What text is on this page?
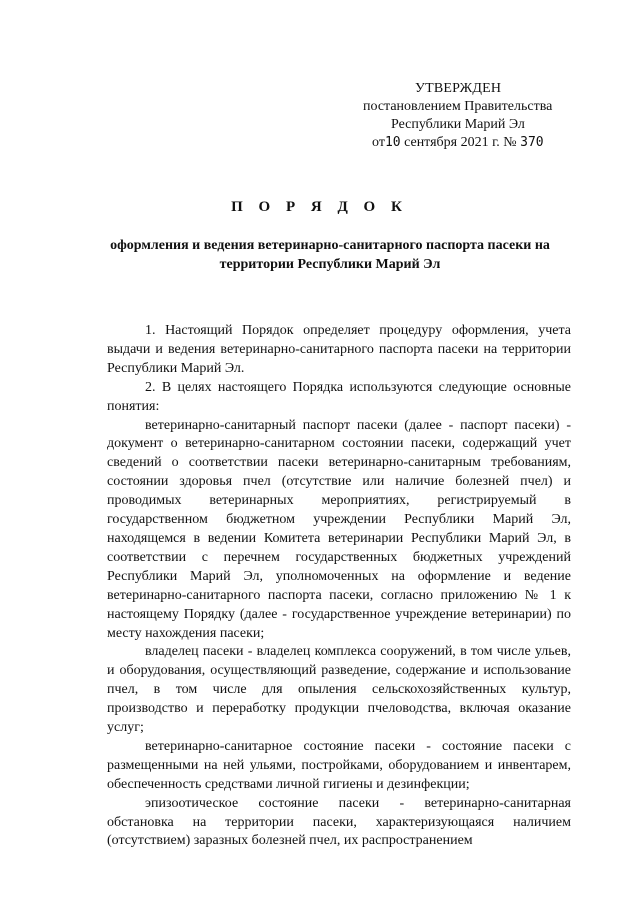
УТВЕРЖДЕН
постановлением Правительства
Республики Марий Эл
от10 сентября 2021 г. № 370
П О Р Я Д О К
оформления и ведения ветеринарно-санитарного паспорта пасеки на территории Республики Марий Эл

1. Настоящий Порядок определяет процедуру оформления, учета выдачи и ведения ветеринарно-санитарного паспорта пасеки на территории Республики Марий Эл.

2. В целях настоящего Порядка используются следующие основные понятия:

ветеринарно-санитарный паспорт пасеки (далее - паспорт пасеки) - документ о ветеринарно-санитарном состоянии пасеки, содержащий учет сведений о соответствии пасеки ветеринарно-санитарным требованиям, состоянии здоровья пчел (отсутствие или наличие болезней пчел) и проводимых ветеринарных мероприятиях, регистрируемый в государственном бюджетном учреждении Республики Марий Эл, находящемся в ведении Комитета ветеринарии Республики Марий Эл, в соответствии с перечнем государственных бюджетных учреждений Республики Марий Эл, уполномоченных на оформление и ведение ветеринарно-санитарного паспорта пасеки, согласно приложению № 1 к настоящему Порядку (далее - государственное учреждение ветеринарии) по месту нахождения пасеки;

владелец пасеки - владелец комплекса сооружений, в том числе ульев, и оборудования, осуществляющий разведение, содержание и использование пчел, в том числе для опыления сельскохозяйственных культур, производство и переработку продукции пчеловодства, включая оказание услуг;

ветеринарно-санитарное состояние пасеки - состояние пасеки с размещенными на ней ульями, постройками, оборудованием и инвентарем, обеспеченность средствами личной гигиены и дезинфекции;

эпизоотическое состояние пасеки - ветеринарно-санитарная обстановка на территории пасеки, характеризующаяся наличием (отсутствием) заразных болезней пчел, их распространением
